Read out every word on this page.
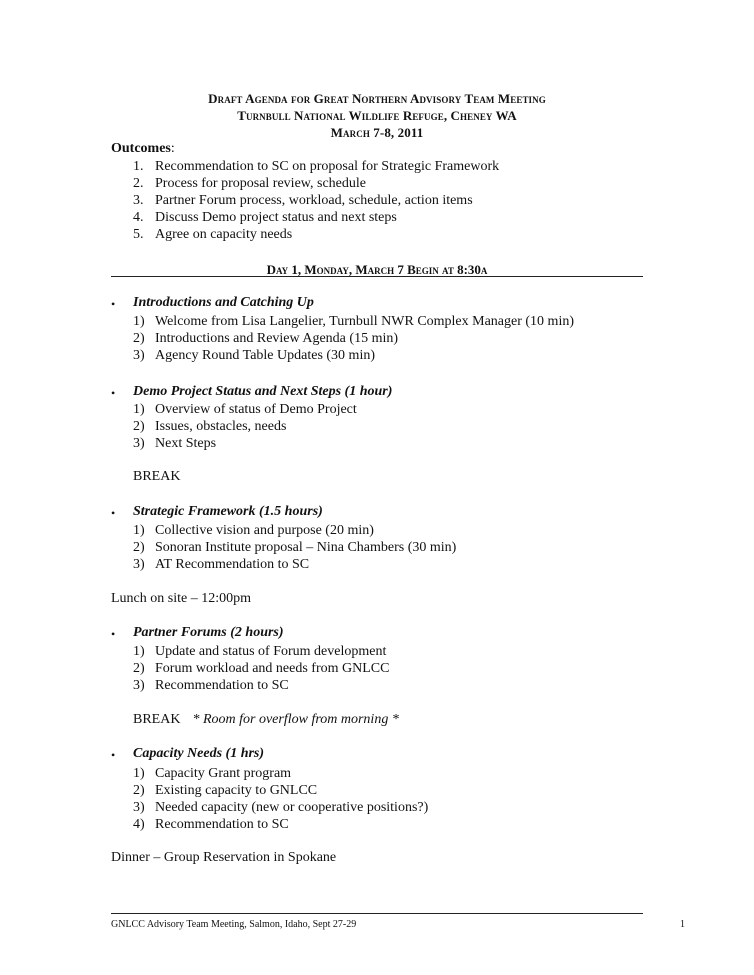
Draft Agenda for Great Northern Advisory Team Meeting
Turnbull National Wildlife Refuge, Cheney WA
March 7-8, 2011
Outcomes:
1. Recommendation to SC on proposal for Strategic Framework
2. Process for proposal review, schedule
3. Partner Forum process, workload, schedule, action items
4. Discuss Demo project status and next steps
5. Agree on capacity needs
Day 1, Monday, March 7 Begin at 8:30a
•	Introductions and Catching Up
1) Welcome from Lisa Langelier, Turnbull NWR Complex Manager (10 min)
2) Introductions and Review Agenda (15 min)
3) Agency Round Table Updates (30 min)
•	Demo Project Status and Next Steps (1 hour)
1) Overview of status of Demo Project
2) Issues, obstacles, needs
3) Next Steps
BREAK
•	Strategic Framework (1.5 hours)
1) Collective vision and purpose (20 min)
2) Sonoran Institute proposal – Nina Chambers (30 min)
3) AT Recommendation to SC
Lunch on site – 12:00pm
•	Partner Forums (2 hours)
1) Update and status of Forum development
2) Forum workload and needs from GNLCC
3) Recommendation to SC
BREAK * Room for overflow from morning *
•	Capacity Needs (1 hrs)
1) Capacity Grant program
2) Existing capacity to GNLCC
3) Needed capacity (new or cooperative positions?)
4) Recommendation to SC
Dinner – Group Reservation in Spokane
GNLCC Advisory Team Meeting, Salmon, Idaho, Sept 27-29	1
